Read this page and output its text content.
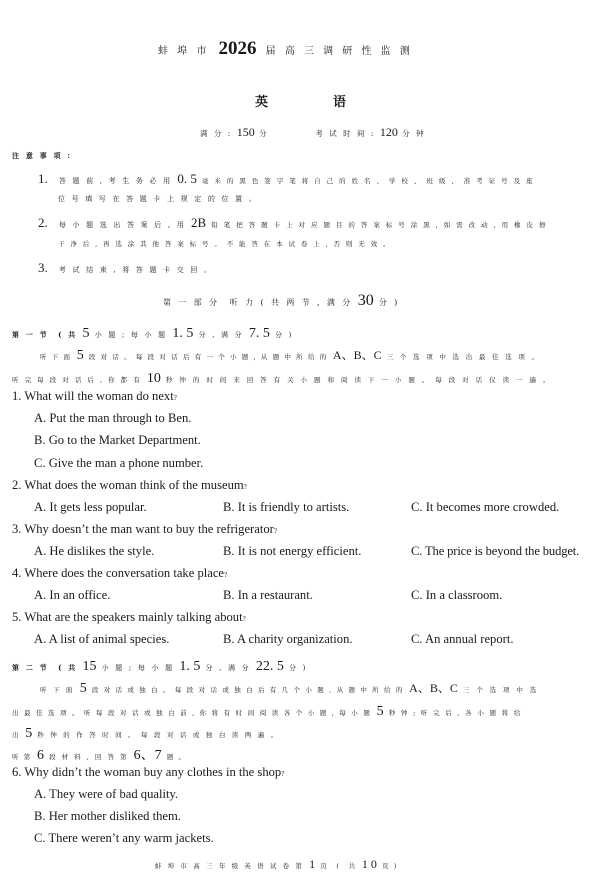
蚌 埠 市 2026 届 高 三 调 研 性 监 测
英　　　　　语
满 分 : 150 分	考 试 时 间 : 120 分 钟
注 意 事 项 :
1. 答 题 前 , 考 生 务 必 用 0. 5 毫 米 的 黑 色 签 字 笔 将 自 己 的 姓 名 、 学 校 、 班 级 、 准 考 证 号 及 座
位 号 填 写 在 答 题 卡 上 规 定 的 位 置 。
2. 每 小 题 选 出 答 案 后 , 用 2B 铅 笔 把 答 题 卡 上 对 应 题 目 的 答 案 标 号 涂 黑 , 如 需 改 动 , 用 橡 皮 擦
干 净 后 , 再 选 涂 其 他 答 案 标 号 。 不 能 答 在 本 试 卷 上 , 否 则 无 效 。
3. 考 试 结 束 , 将 答 题 卡 交 回 。
第 一 部 分　听 力 ( 共 两 节 , 满 分 30 分 )
第 一 节　( 共 5 小 题 ; 每 小 题 1. 5 分 , 满 分 7. 5 分 )
听 下 面 5 段 对 话 。 每 段 对 话 后 有 一 个 小 题 , 从 题 中 所 给 的 A、B、C 三 个 选 项 中 选 出 最 佳 选 项 。
听 完 每 段 对 话 后 , 你 都 有 10 秒 钟 的 时 间 来 回 答 有 关 小 题 和 阅 读 下 一 小 题 。 每 段 对 话 仅 读 一 遍 。
1. What will the woman do next?
A. Put the man through to Ben.
B. Go to the Market Department.
C. Give the man a phone number.
2. What does the woman think of the museum?
A. It gets less popular.	B. It is friendly to artists.	C. It becomes more crowded.
3. Why doesn’t the man want to buy the refrigerator?
A. He dislikes the style.	B. It is not energy efficient.	C. The price is beyond the budget.
4. Where does the conversation take place?
A. In an office.	B. In a restaurant.	C. In a classroom.
5. What are the speakers mainly talking about?
A. A list of animal species.	B. A charity organization.	C. An annual report.
第 二 节　( 共 15 小 题 ; 每 小 题 1. 5 分 , 满 分 22. 5 分 )
听 下 面 5 段 对 话 或 独 白 。 每 段 对 话 或 独 白 后 有 几 个 小 题 , 从 题 中 所 给 的 A、B、C 三 个 选 项 中 选
出 最 佳 选 项 。 听 每 段 对 话 或 独 白 前 , 你 将 有 时 间 阅 读 各 个 小 题 , 每 小 题 5 秒 钟 ; 听 完 后 , 各 小 题 将 给
出 5 秒 钟 的 作 答 时 间 。 每 段 对 话 或 独 白 读 两 遍 。
听 第 6 段 材 料 , 回 答 第 6、7 题 。
6. Why didn’t the woman buy any clothes in the shop?
A. They were of bad quality.
B. Her mother disliked them.
C. There weren’t any warm jackets.
蚌 埠 市 高 三 年 级 英 语 试 卷 第 1 页　(　共 1 0 页 )
